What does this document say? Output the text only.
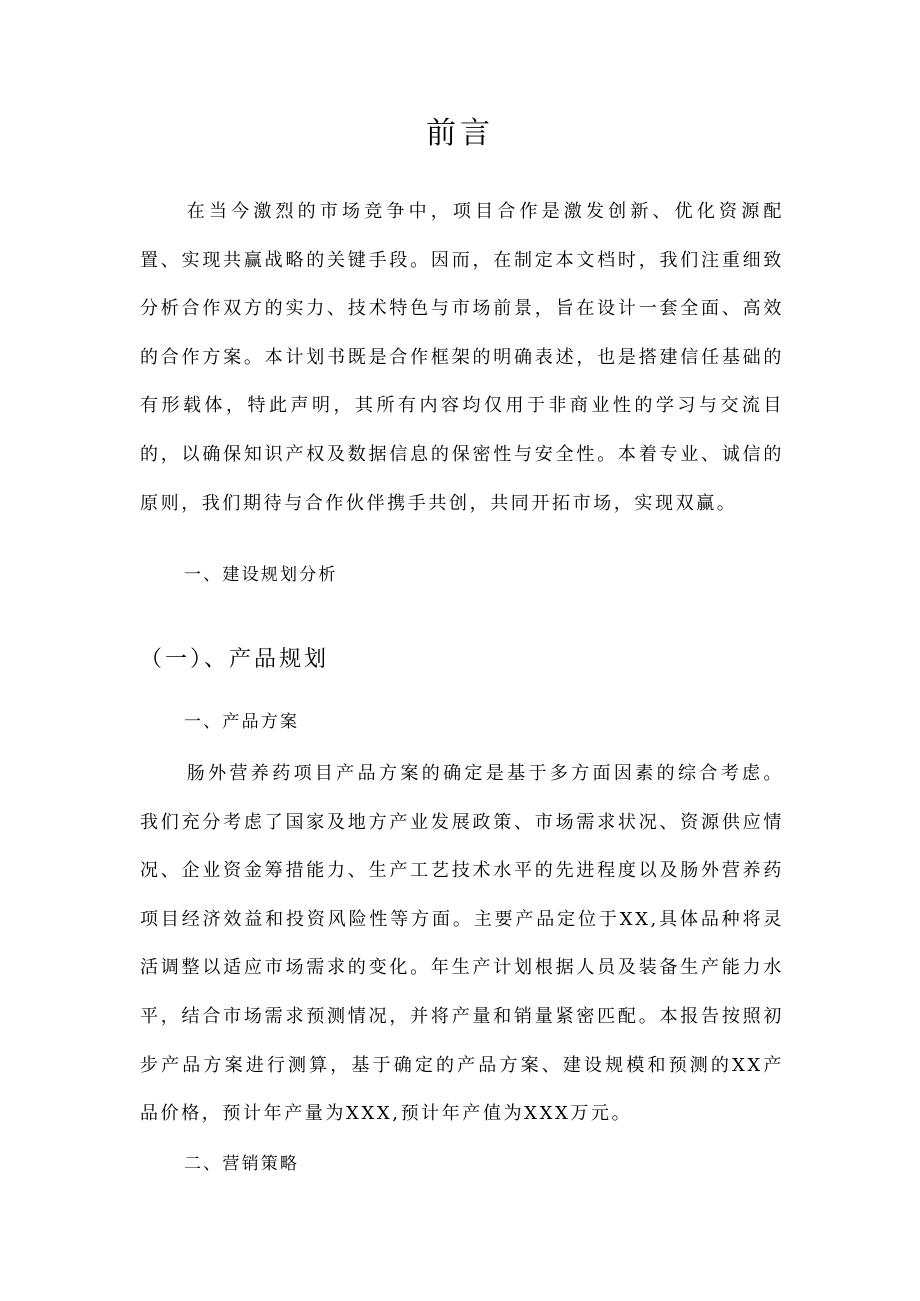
前言

在当今激烈的市场竞争中，项目合作是激发创新、优化资源配置、实现共赢战略的关键手段。因而，在制定本文档时，我们注重细致分析合作双方的实力、技术特色与市场前景，旨在设计一套全面、高效的合作方案。本计划书既是合作框架的明确表述，也是搭建信任基础的有形载体，特此声明，其所有内容均仅用于非商业性的学习与交流目的，以确保知识产权及数据信息的保密性与安全性。本着专业、诚信的原则，我们期待与合作伙伴携手共创，共同开拓市场，实现双赢。

一、建设规划分析
（一）、产品规划
一、产品方案

肠外营养药项目产品方案的确定是基于多方面因素的综合考虑。我们充分考虑了国家及地方产业发展政策、市场需求状况、资源供应情况、企业资金筹措能力、生产工艺技术水平的先进程度以及肠外营养药项目经济效益和投资风险性等方面。主要产品定位于XX,具体品种将灵活调整以适应市场需求的变化。年生产计划根据人员及装备生产能力水平，结合市场需求预测情况，并将产量和销量紧密匹配。本报告按照初步产品方案进行测算，基于确定的产品方案、建设规模和预测的XX产品价格，预计年产量为XXX,预计年产值为XXX万元。

二、营销策略
